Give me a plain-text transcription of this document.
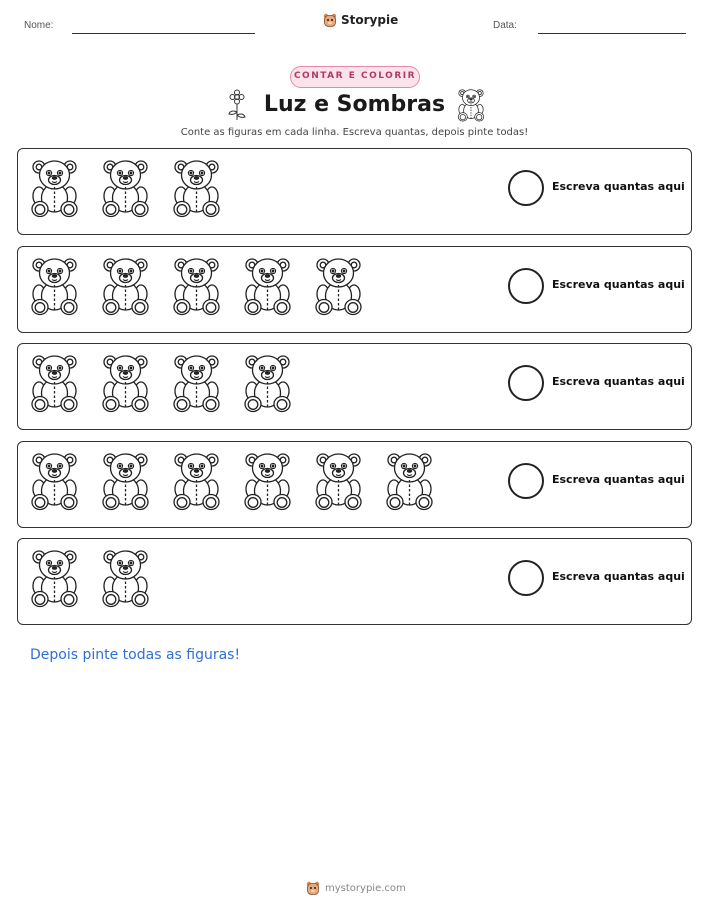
Nome:	Storypie	Data:
CONTAR E COLORIR
Luz e Sombras
Conte as figuras em cada linha. Escreva quantas, depois pinte todas!
Escreva quantas aqui
Escreva quantas aqui
Escreva quantas aqui
Escreva quantas aqui
Escreva quantas aqui
Depois pinte todas as figuras!
mystorypie.com
